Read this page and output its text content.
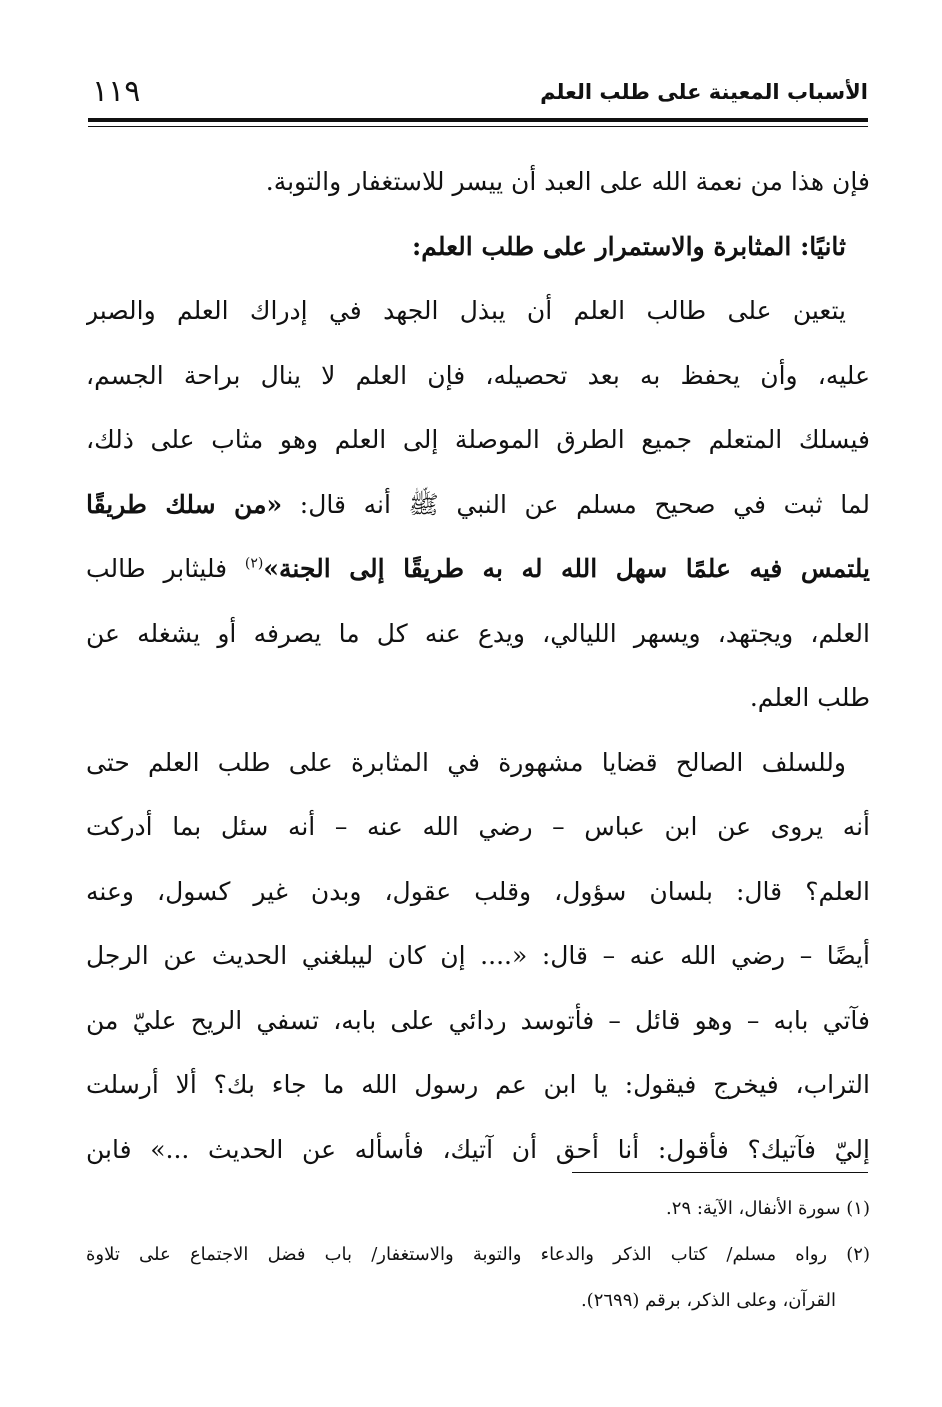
الأسباب المعينة على طلب العلم
١١٩
فإن هذا من نعمة الله على العبد أن ييسر للاستغفار والتوبة.
ثانيًا: المثابرة والاستمرار على طلب العلم:
يتعين على طالب العلم أن يبذل الجهد في إدراك العلم والصبر
عليه، وأن يحفظ به بعد تحصيله، فإن العلم لا ينال براحة الجسم،
فيسلك المتعلم جميع الطرق الموصلة إلى العلم وهو مثاب على ذلك،
لما ثبت في صحيح مسلم عن النبي ﷺ أنه قال: «من سلك طريقًا
يلتمس فيه علمًا سهل الله له به طريقًا إلى الجنة»$^{(٢)}$ فليثابر طالب
العلم، ويجتهد، ويسهر الليالي، ويدع عنه كل ما يصرفه أو يشغله عن
طلب العلم.
وللسلف الصالح قضايا مشهورة في المثابرة على طلب العلم حتى
أنه يروى عن ابن عباس – رضي الله عنه – أنه سئل بما أدركت
العلم؟ قال: بلسان سؤول، وقلب عقول، وبدن غير كسول، وعنه
أيضًا – رضي الله عنه – قال: «.... إن كان ليبلغني الحديث عن الرجل
فآتي بابه – وهو قائل – فأتوسد ردائي على بابه، تسفي الريح عليّ من
التراب، فيخرج فيقول: يا ابن عم رسول الله ما جاء بك؟ ألا أرسلت
إليّ فآتيك؟ فأقول: أنا أحق أن آتيك، فأسأله عن الحديث ...» فابن
(١) سورة الأنفال، الآية: ٢٩.
(٢) رواه مسلم/ كتاب الذكر والدعاء والتوبة والاستغفار/ باب فضل الاجتماع على تلاوة
القرآن، وعلى الذكر، برقم (٢٦٩٩).
